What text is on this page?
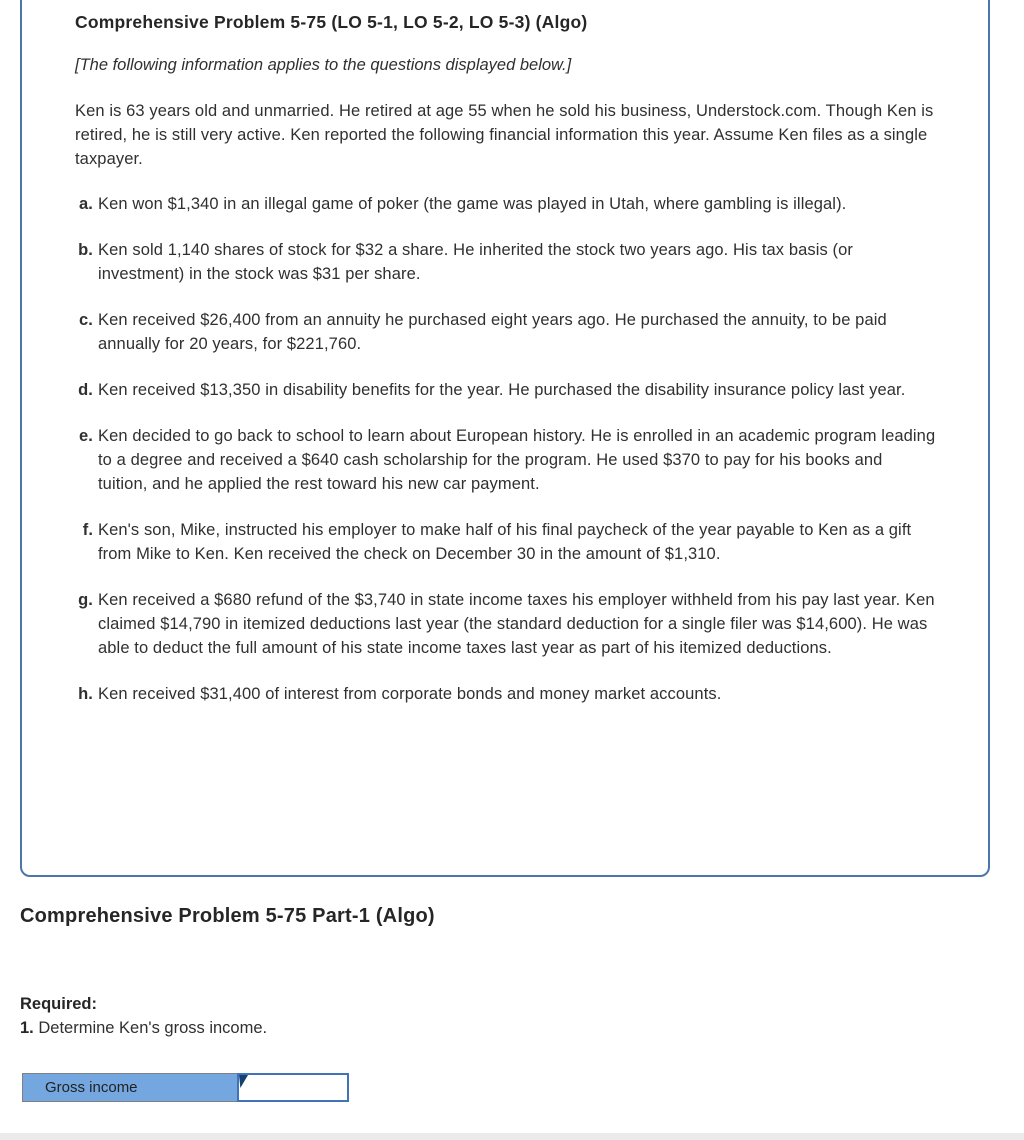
Comprehensive Problem 5-75 (LO 5-1, LO 5-2, LO 5-3) (Algo)
[The following information applies to the questions displayed below.]
Ken is 63 years old and unmarried. He retired at age 55 when he sold his business, Understock.com. Though Ken is retired, he is still very active. Ken reported the following financial information this year. Assume Ken files as a single taxpayer.
a. Ken won $1,340 in an illegal game of poker (the game was played in Utah, where gambling is illegal).
b. Ken sold 1,140 shares of stock for $32 a share. He inherited the stock two years ago. His tax basis (or investment) in the stock was $31 per share.
c. Ken received $26,400 from an annuity he purchased eight years ago. He purchased the annuity, to be paid annually for 20 years, for $221,760.
d. Ken received $13,350 in disability benefits for the year. He purchased the disability insurance policy last year.
e. Ken decided to go back to school to learn about European history. He is enrolled in an academic program leading to a degree and received a $640 cash scholarship for the program. He used $370 to pay for his books and tuition, and he applied the rest toward his new car payment.
f. Ken's son, Mike, instructed his employer to make half of his final paycheck of the year payable to Ken as a gift from Mike to Ken. Ken received the check on December 30 in the amount of $1,310.
g. Ken received a $680 refund of the $3,740 in state income taxes his employer withheld from his pay last year. Ken claimed $14,790 in itemized deductions last year (the standard deduction for a single filer was $14,600). He was able to deduct the full amount of his state income taxes last year as part of his itemized deductions.
h. Ken received $31,400 of interest from corporate bonds and money market accounts.
Comprehensive Problem 5-75 Part-1 (Algo)
Required:
1. Determine Ken's gross income.
Gross income
